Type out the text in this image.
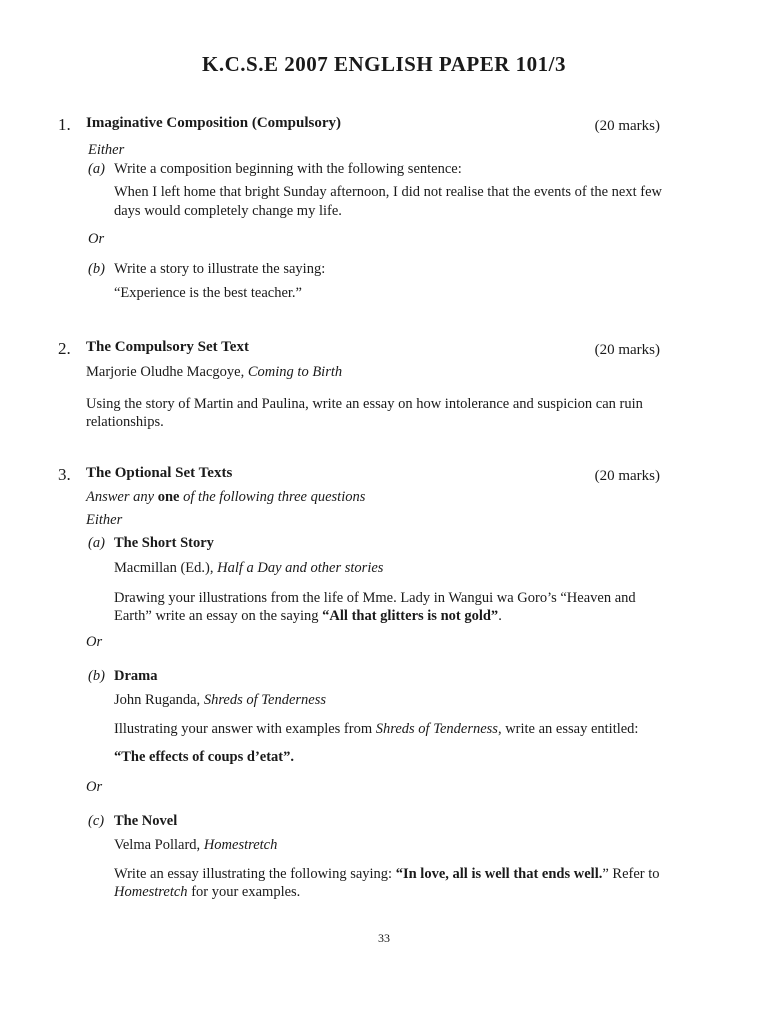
K.C.S.E 2007 ENGLISH PAPER 101/3
1. Imaginative Composition (Compulsory)	(20 marks)
Either
(a) Write a composition beginning with the following sentence:
When I left home that bright Sunday afternoon, I did not realise that the events of the next few
days would completely change my life.
Or
(b) Write a story to illustrate the saying:
“Experience is the best teacher.”
2. The Compulsory Set Text	(20 marks)
Marjorie Oludhe Macgoye, Coming to Birth
Using the story of Martin and Paulina, write an essay on how intolerance and suspicion can ruin
relationships.
3. The Optional Set Texts	(20 marks)
Answer any one of the following three questions
Either
(a) The Short Story
Macmillan (Ed.), Half a Day and other stories
Drawing your illustrations from the life of Mme. Lady in Wangui wa Goro’s “Heaven and
Earth” write an essay on the saying “All that glitters is not gold”.
Or
(b) Drama
John Ruganda, Shreds of Tenderness
Illustrating your answer with examples from Shreds of Tenderness, write an essay entitled:
“The effects of coups d’etat”.
Or
(c) The Novel
Velma Pollard, Homestretch
Write an essay illustrating the following saying: “In love, all is well that ends well.” Refer to
Homestretch for your examples.
33
